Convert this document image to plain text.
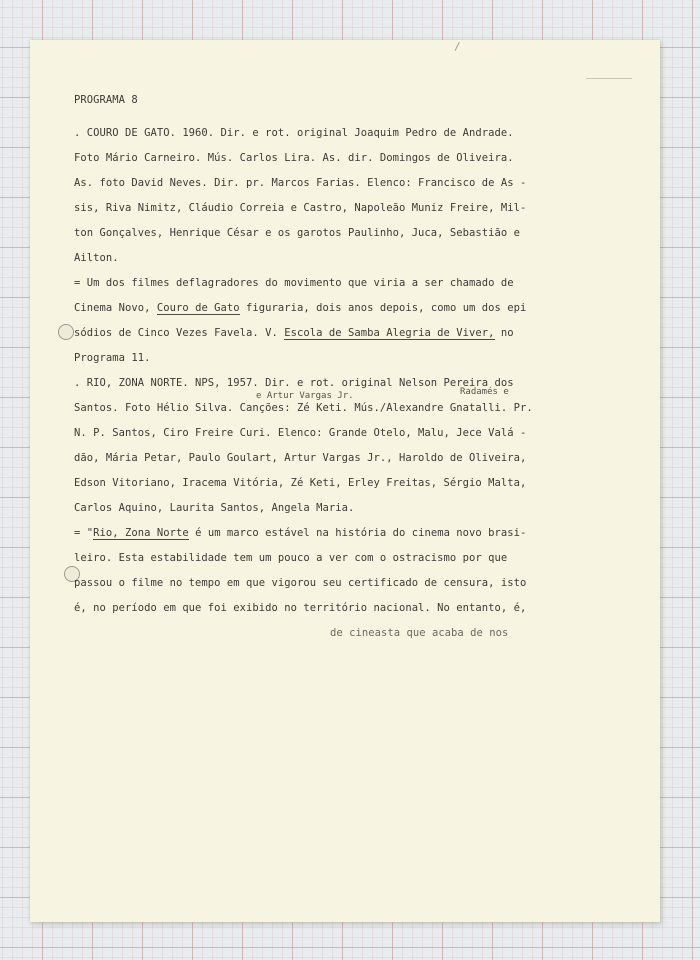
/

PROGRAMA 8

. COURO DE GATO. 1960. Dir. e rot. original Joaquim Pedro de Andrade.

Foto Mário Carneiro. Mús. Carlos Lira. As. dir. Domingos de Oliveira.

As. foto David Neves. Dir. pr. Marcos Farias. Elenco: Francisco de As -

sis, Riva Nimitz, Cláudio Correia e Castro, Napoleão Muniz Freire, Mil-

ton Gonçalves, Henrique César e os garotos Paulinho, Juca, Sebastião e

Ailton.

= Um dos filmes deflagradores do movimento que viria a ser chamado de

Cinema Novo, Couro de Gato figuraria, dois anos depois, como um dos epi

sódios de Cinco Vezes Favela. V. Escola de Samba Alegria de Viver, no

Programa 11.

. RIO, ZONA NORTE. NPS, 1957. Dir. e rot. original Nelson Pereira dos

e Artur Vargas Jr.	Radamés e

Santos. Foto Hélio Silva. Canções: Zé Keti. Mús./Alexandre Gnatalli. Pr.

N. P. Santos, Ciro Freire Curi. Elenco: Grande Otelo, Malu, Jece Valá -

dão, Mária Petar, Paulo Goulart, Artur Vargas Jr., Haroldo de Oliveira,

Edson Vitoriano, Iracema Vitória, Zé Keti, Erley Freitas, Sérgio Malta,

Carlos Aquino, Laurita Santos, Angela Maria.

= "Rio, Zona Norte é um marco estável na história do cinema novo brasi-

leiro. Esta estabilidade tem um pouco a ver com o ostracismo por que

passou o filme no tempo em que vigorou seu certificado de censura, isto

é, no período em que foi exibido no território nacional. No entanto, é,

de cineasta que acaba de nos
